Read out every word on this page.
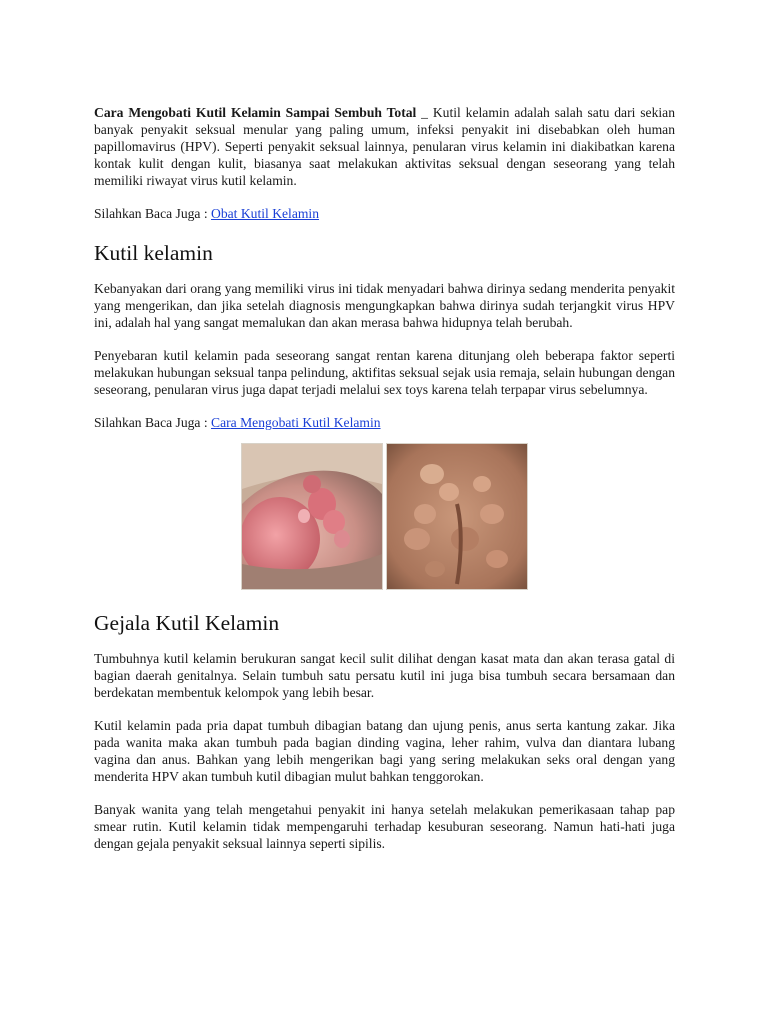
Cara Mengobati Kutil Kelamin Sampai Sembuh Total _ Kutil kelamin adalah salah satu dari sekian banyak penyakit seksual menular yang paling umum, infeksi penyakit ini disebabkan oleh human papillomavirus (HPV). Seperti penyakit seksual lainnya, penularan virus kelamin ini diakibatkan karena kontak kulit dengan kulit, biasanya saat melakukan aktivitas seksual dengan seseorang yang telah memiliki riwayat virus kutil kelamin.

Silahkan Baca Juga : Obat Kutil Kelamin

Kutil kelamin

Kebanyakan dari orang yang memiliki virus ini tidak menyadari bahwa dirinya sedang menderita penyakit yang mengerikan, dan jika setelah diagnosis mengungkapkan bahwa dirinya sudah terjangkit virus HPV ini, adalah hal yang sangat memalukan dan akan merasa bahwa hidupnya telah berubah.

Penyebaran kutil kelamin pada seseorang sangat rentan karena ditunjang oleh beberapa faktor seperti melakukan hubungan seksual tanpa pelindung, aktifitas seksual sejak usia remaja, selain hubungan dengan seseorang, penularan virus juga dapat terjadi melalui sex toys karena telah terpapar virus sebelumnya.

Silahkan Baca Juga : Cara Mengobati Kutil Kelamin

Gejala Kutil Kelamin

Tumbuhnya kutil kelamin berukuran sangat kecil sulit dilihat dengan kasat mata dan akan terasa gatal di bagian daerah genitalnya. Selain tumbuh satu persatu kutil ini juga bisa tumbuh secara bersamaan dan berdekatan membentuk kelompok yang lebih besar.

Kutil kelamin pada pria dapat tumbuh dibagian batang dan ujung penis, anus serta kantung zakar. Jika pada wanita maka akan tumbuh pada bagian dinding vagina, leher rahim, vulva dan diantara lubang vagina dan anus. Bahkan yang lebih mengerikan bagi yang sering melakukan seks oral dengan yang menderita HPV akan tumbuh kutil dibagian mulut bahkan tenggorokan.

Banyak wanita yang telah mengetahui penyakit ini hanya setelah melakukan pemerikasaan tahap pap smear rutin. Kutil kelamin tidak mempengaruhi terhadap kesuburan seseorang. Namun hati-hati juga dengan gejala penyakit seksual lainnya seperti sipilis.
